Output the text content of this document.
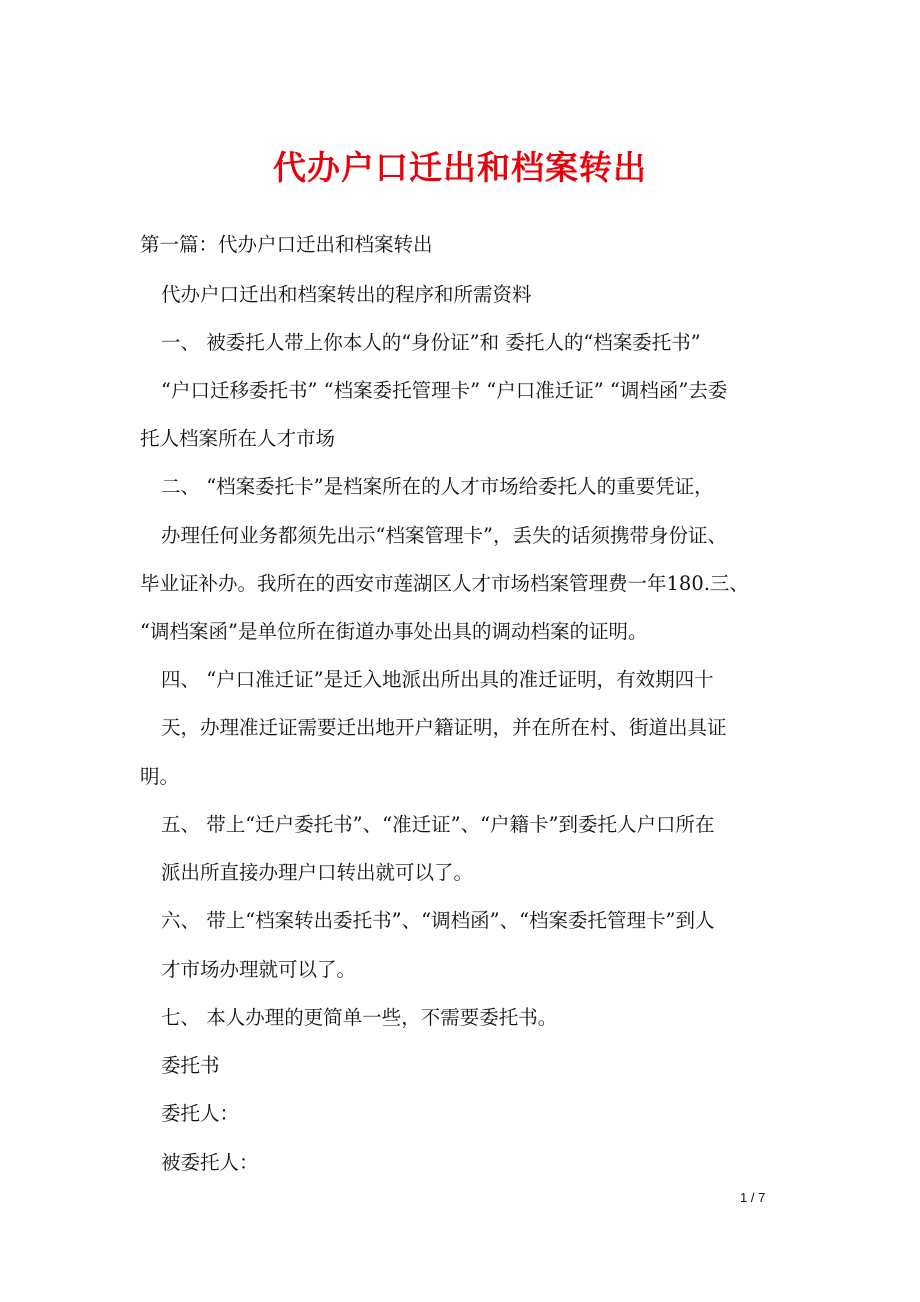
代办户口迁出和档案转出
第一篇：代办户口迁出和档案转出
代办户口迁出和档案转出的程序和所需资料
一、 被委托人带上你本人的“身份证”和 委托人的“档案委托书”
“户口迁移委托书” “档案委托管理卡” “户口准迁证” “调档函”去委
托人档案所在人才市场
二、 “档案委托卡”是档案所在的人才市场给委托人的重要凭证，
办理任何业务都须先出示“档案管理卡”，丢失的话须携带身份证、
毕业证补办。我所在的西安市莲湖区人才市场档案管理费一年180.三、
“调档案函”是单位所在街道办事处出具的调动档案的证明。
四、 “户口准迁证”是迁入地派出所出具的准迁证明，有效期四十
天，办理准迁证需要迁出地开户籍证明，并在所在村、街道出具证
明。
五、 带上“迁户委托书”、“准迁证”、“户籍卡”到委托人户口所在
派出所直接办理户口转出就可以了。
六、 带上“档案转出委托书”、“调档函”、“档案委托管理卡”到人
才市场办理就可以了。
七、 本人办理的更简单一些，不需要委托书。
委托书
委托人：
被委托人：
1 / 7
